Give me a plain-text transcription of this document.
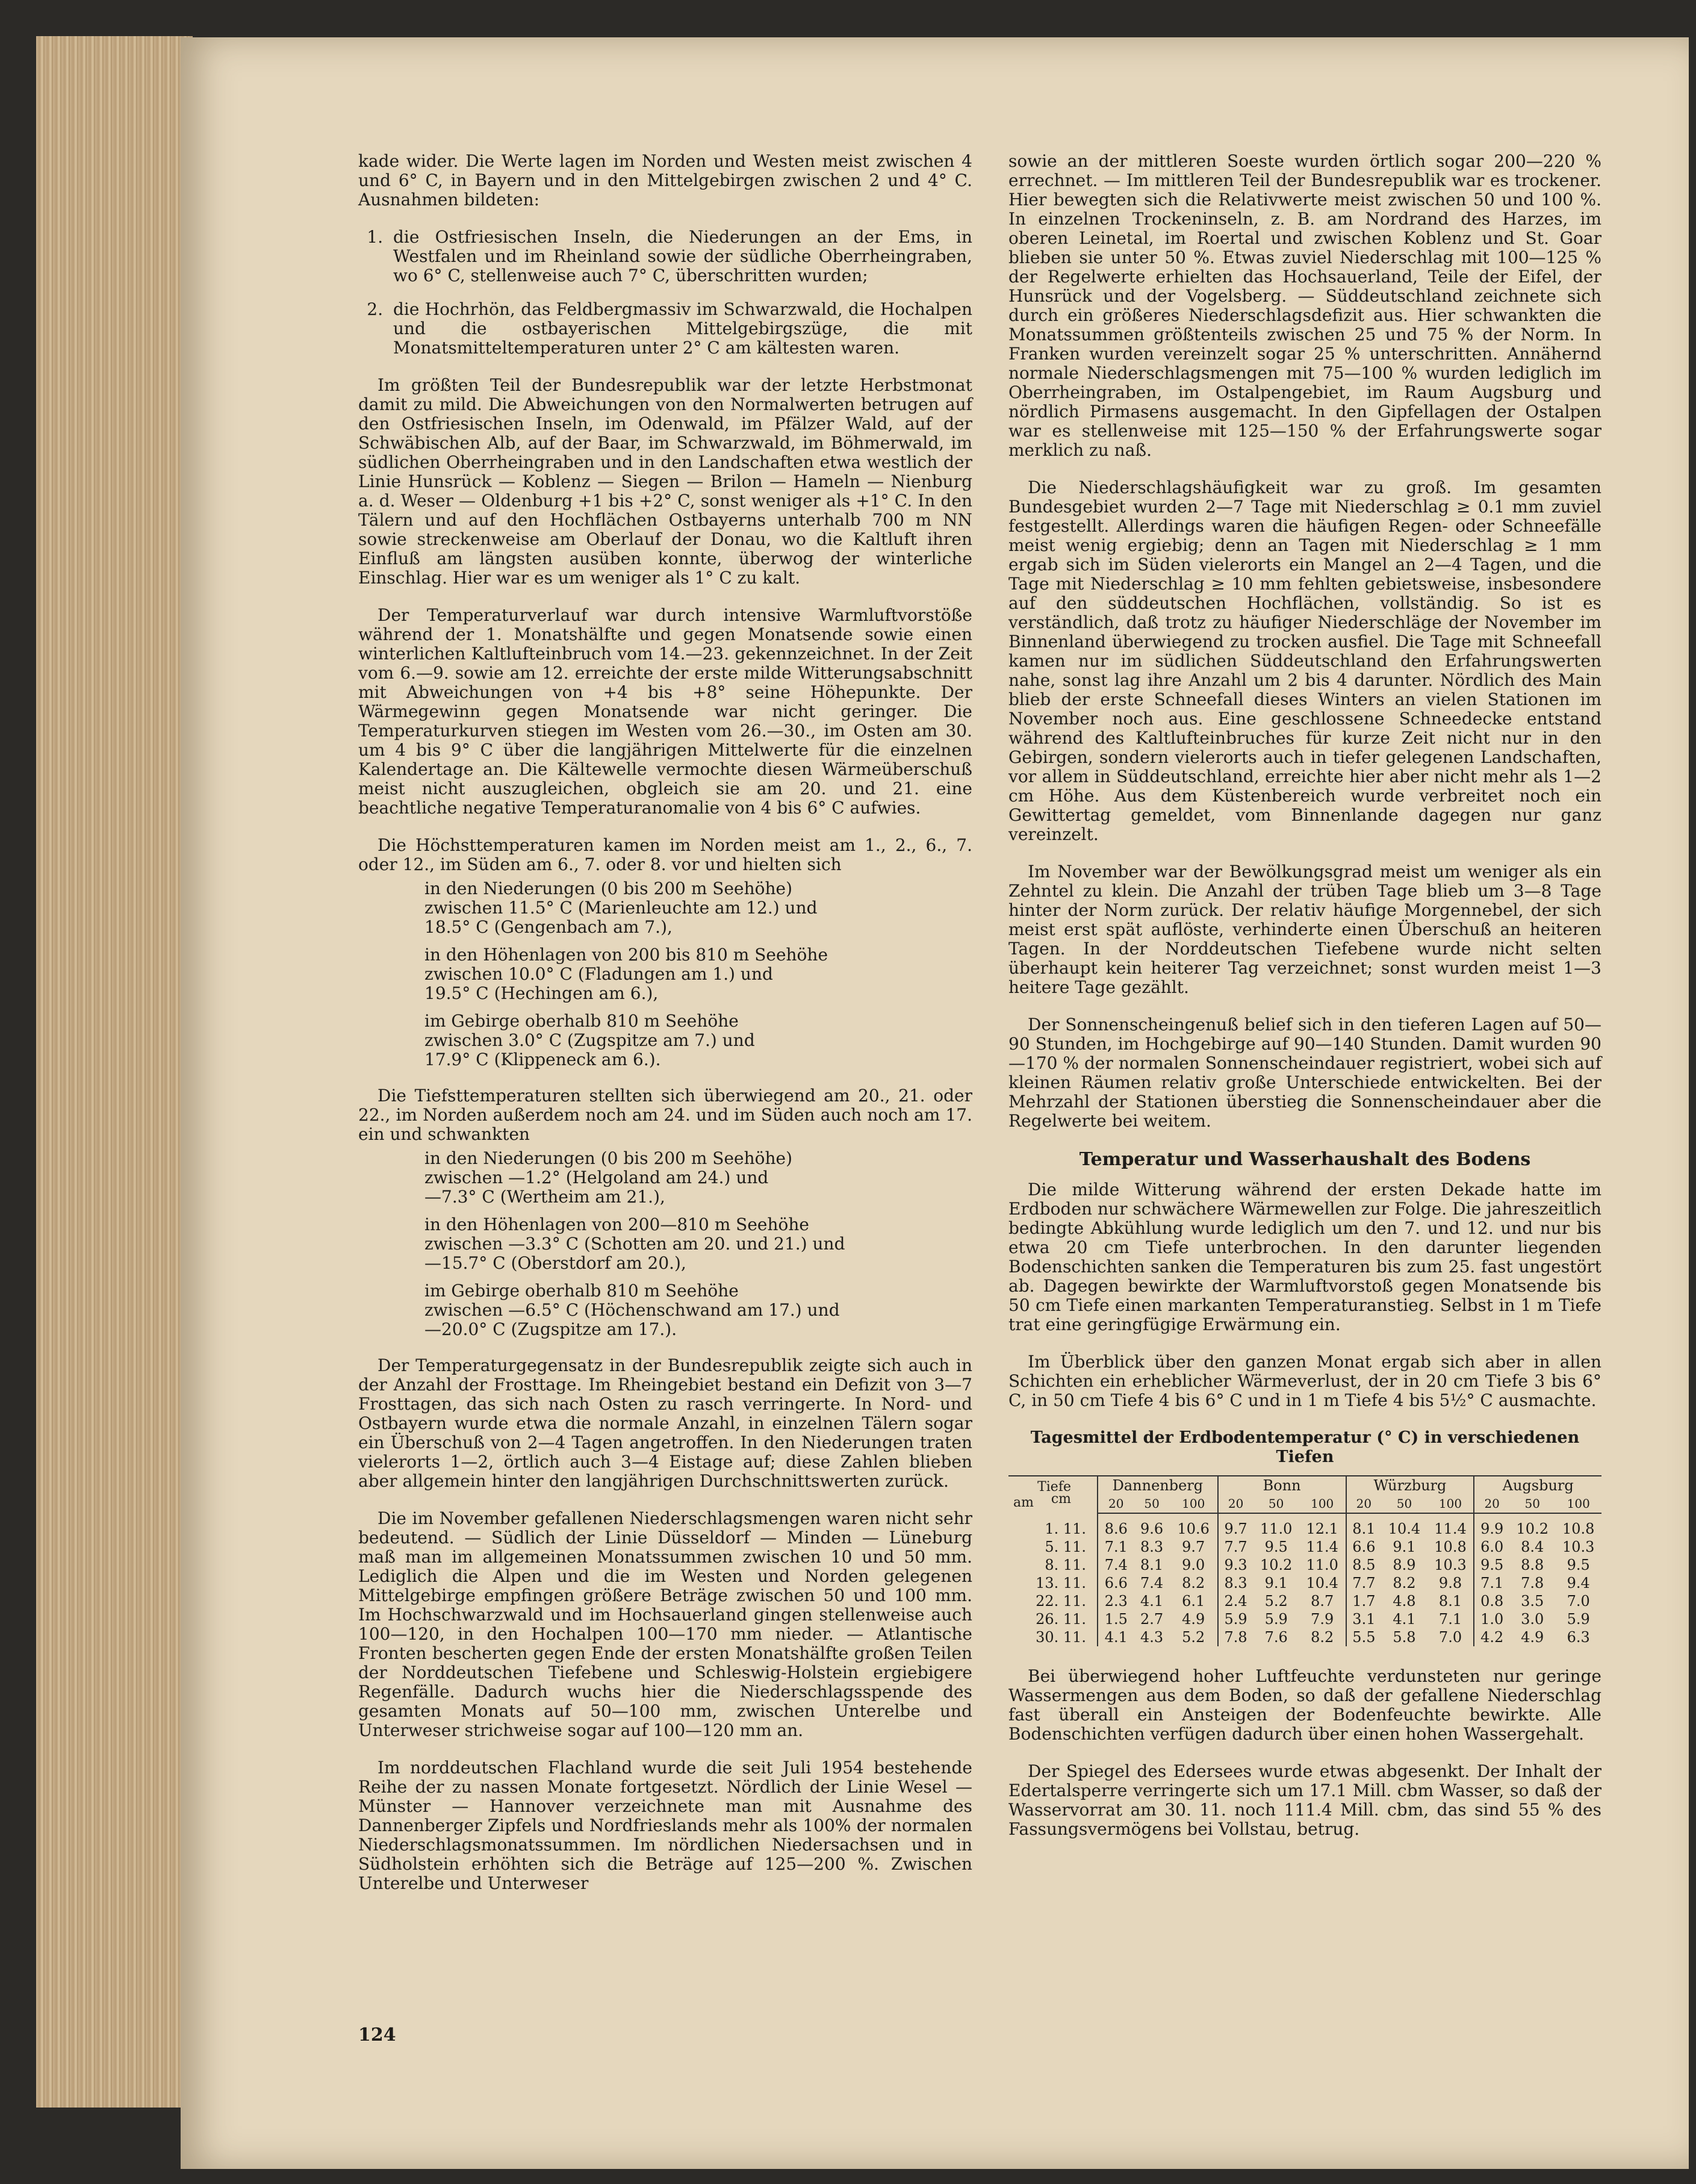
kade wider. Die Werte lagen im Norden und Westen meist zwischen 4 und 6° C, in Bayern und in den Mittelgebirgen zwischen 2 und 4° C. Ausnahmen bildeten:

1. die Ostfriesischen Inseln, die Niederungen an der Ems, in Westfalen und im Rheinland sowie der südliche Oberrheingraben, wo 6° C, stellenweise auch 7° C, überschritten wurden;
2. die Hochrhön, das Feldbergmassiv im Schwarzwald, die Hochalpen und die ostbayerischen Mittelgebirgszüge, die mit Monatsmitteltemperaturen unter 2° C am kältesten waren.

Im größten Teil der Bundesrepublik war der letzte Herbstmonat damit zu mild. Die Abweichungen von den Normalwerten betrugen auf den Ostfriesischen Inseln, im Odenwald, im Pfälzer Wald, auf der Schwäbischen Alb, auf der Baar, im Schwarzwald, im Böhmerwald, im südlichen Oberrheingraben und in den Landschaften etwa westlich der Linie Hunsrück — Koblenz — Siegen — Brilon — Hameln — Nienburg a. d. Weser — Oldenburg +1 bis +2° C, sonst weniger als +1° C. In den Tälern und auf den Hochflächen Ostbayerns unterhalb 700 m NN sowie streckenweise am Oberlauf der Donau, wo die Kaltluft ihren Einfluß am längsten ausüben konnte, überwog der winterliche Einschlag. Hier war es um weniger als 1° C zu kalt.

Der Temperaturverlauf war durch intensive Warmluftvorstöße während der 1. Monatshälfte und gegen Monatsende sowie einen winterlichen Kaltlufteinbruch vom 14.—23. gekennzeichnet. In der Zeit vom 6.—9. sowie am 12. erreichte der erste milde Witterungsabschnitt mit Abweichungen von +4 bis +8° seine Höhepunkte. Der Wärmegewinn gegen Monatsende war nicht geringer. Die Temperaturkurven stiegen im Westen vom 26.—30., im Osten am 30. um 4 bis 9° C über die langjährigen Mittelwerte für die einzelnen Kalendertage an. Die Kältewelle vermochte diesen Wärmeüberschuß meist nicht auszugleichen, obgleich sie am 20. und 21. eine beachtliche negative Temperaturanomalie von 4 bis 6° C aufwies.

Die Höchsttemperaturen kamen im Norden meist am 1., 2., 6., 7. oder 12., im Süden am 6., 7. oder 8. vor und hielten sich

in den Niederungen (0 bis 200 m Seehöhe)
zwischen 11.5° C (Marienleuchte am 12.) und
18.5° C (Gengenbach am 7.),
in den Höhenlagen von 200 bis 810 m Seehöhe
zwischen 10.0° C (Fladungen am 1.) und
19.5° C (Hechingen am 6.),
im Gebirge oberhalb 810 m Seehöhe
zwischen 3.0° C (Zugspitze am 7.) und
17.9° C (Klippeneck am 6.).

Die Tiefsttemperaturen stellten sich überwiegend am 20., 21. oder 22., im Norden außerdem noch am 24. und im Süden auch noch am 17. ein und schwankten

in den Niederungen (0 bis 200 m Seehöhe)
zwischen —1.2° (Helgoland am 24.) und
—7.3° C (Wertheim am 21.),
in den Höhenlagen von 200—810 m Seehöhe
zwischen —3.3° C (Schotten am 20. und 21.) und
—15.7° C (Oberstdorf am 20.),
im Gebirge oberhalb 810 m Seehöhe
zwischen —6.5° C (Höchenschwand am 17.) und
—20.0° C (Zugspitze am 17.).

Der Temperaturgegensatz in der Bundesrepublik zeigte sich auch in der Anzahl der Frosttage. Im Rheingebiet bestand ein Defizit von 3—7 Frosttagen, das sich nach Osten zu rasch verringerte. In Nord- und Ostbayern wurde etwa die normale Anzahl, in einzelnen Tälern sogar ein Überschuß von 2—4 Tagen angetroffen. In den Niederungen traten vielerorts 1—2, örtlich auch 3—4 Eistage auf; diese Zahlen blieben aber allgemein hinter den langjährigen Durchschnittswerten zurück.

Die im November gefallenen Niederschlagsmengen waren nicht sehr bedeutend. — Südlich der Linie Düsseldorf — Minden — Lüneburg maß man im allgemeinen Monatssummen zwischen 10 und 50 mm. Lediglich die Alpen und die im Westen und Norden gelegenen Mittelgebirge empfingen größere Beträge zwischen 50 und 100 mm. Im Hochschwarzwald und im Hochsauerland gingen stellenweise auch 100—120, in den Hochalpen 100—170 mm nieder. — Atlantische Fronten bescherten gegen Ende der ersten Monatshälfte großen Teilen der Norddeutschen Tiefebene und Schleswig-Holstein ergiebigere Regenfälle. Dadurch wuchs hier die Niederschlagsspende des gesamten Monats auf 50—100 mm, zwischen Unterelbe und Unterweser strichweise sogar auf 100—120 mm an.

Im norddeutschen Flachland wurde die seit Juli 1954 bestehende Reihe der zu nassen Monate fortgesetzt. Nördlich der Linie Wesel — Münster — Hannover verzeichnete man mit Ausnahme des Dannenberger Zipfels und Nordfrieslands mehr als 100% der normalen Niederschlagsmonatssummen. Im nördlichen Niedersachsen und in Südholstein erhöhten sich die Beträge auf 125—200 %. Zwischen Unterelbe und Unterweser

sowie an der mittleren Soeste wurden örtlich sogar 200—220 % errechnet. — Im mittleren Teil der Bundesrepublik war es trockener. Hier bewegten sich die Relativwerte meist zwischen 50 und 100 %. In einzelnen Trockeninseln, z. B. am Nordrand des Harzes, im oberen Leinetal, im Roertal und zwischen Koblenz und St. Goar blieben sie unter 50 %. Etwas zuviel Niederschlag mit 100—125 % der Regelwerte erhielten das Hochsauerland, Teile der Eifel, der Hunsrück und der Vogelsberg. — Süddeutschland zeichnete sich durch ein größeres Niederschlagsdefizit aus. Hier schwankten die Monatssummen größtenteils zwischen 25 und 75 % der Norm. In Franken wurden vereinzelt sogar 25 % unterschritten. Annähernd normale Niederschlagsmengen mit 75—100 % wurden lediglich im Oberrheingraben, im Ostalpengebiet, im Raum Augsburg und nördlich Pirmasens ausgemacht. In den Gipfellagen der Ostalpen war es stellenweise mit 125—150 % der Erfahrungswerte sogar merklich zu naß.

Die Niederschlagshäufigkeit war zu groß. Im gesamten Bundesgebiet wurden 2—7 Tage mit Niederschlag ≥ 0.1 mm zuviel festgestellt. Allerdings waren die häufigen Regen- oder Schneefälle meist wenig ergiebig; denn an Tagen mit Niederschlag ≥ 1 mm ergab sich im Süden vielerorts ein Mangel an 2—4 Tagen, und die Tage mit Niederschlag ≥ 10 mm fehlten gebietsweise, insbesondere auf den süddeutschen Hochflächen, vollständig. So ist es verständlich, daß trotz zu häufiger Niederschläge der November im Binnenland überwiegend zu trocken ausfiel. Die Tage mit Schneefall kamen nur im südlichen Süddeutschland den Erfahrungswerten nahe, sonst lag ihre Anzahl um 2 bis 4 darunter. Nördlich des Main blieb der erste Schneefall dieses Winters an vielen Stationen im November noch aus. Eine geschlossene Schneedecke entstand während des Kaltlufteinbruches für kurze Zeit nicht nur in den Gebirgen, sondern vielerorts auch in tiefer gelegenen Landschaften, vor allem in Süddeutschland, erreichte hier aber nicht mehr als 1—2 cm Höhe. Aus dem Küstenbereich wurde verbreitet noch ein Gewittertag gemeldet, vom Binnenlande dagegen nur ganz vereinzelt.

Im November war der Bewölkungsgrad meist um weniger als ein Zehntel zu klein. Die Anzahl der trüben Tage blieb um 3—8 Tage hinter der Norm zurück. Der relativ häufige Morgennebel, der sich meist erst spät auflöste, verhinderte einen Überschuß an heiteren Tagen. In der Norddeutschen Tiefebene wurde nicht selten überhaupt kein heiterer Tag verzeichnet; sonst wurden meist 1—3 heitere Tage gezählt.

Der Sonnenscheingenuß belief sich in den tieferen Lagen auf 50—90 Stunden, im Hochgebirge auf 90—140 Stunden. Damit wurden 90—170 % der normalen Sonnenscheindauer registriert, wobei sich auf kleinen Räumen relativ große Unterschiede entwickelten. Bei der Mehrzahl der Stationen überstieg die Sonnenscheindauer aber die Regelwerte bei weitem.

Temperatur und Wasserhaushalt des Bodens

Die milde Witterung während der ersten Dekade hatte im Erdboden nur schwächere Wärmewellen zur Folge. Die jahreszeitlich bedingte Abkühlung wurde lediglich um den 7. und 12. und nur bis etwa 20 cm Tiefe unterbrochen. In den darunter liegenden Bodenschichten sanken die Temperaturen bis zum 25. fast ungestört ab. Dagegen bewirkte der Warmluftvorstoß gegen Monatsende bis 50 cm Tiefe einen markanten Temperaturanstieg. Selbst in 1 m Tiefe trat eine geringfügige Erwärmung ein.

Im Überblick über den ganzen Monat ergab sich aber in allen Schichten ein erheblicher Wärmeverlust, der in 20 cm Tiefe 3 bis 6° C, in 50 cm Tiefe 4 bis 6° C und in 1 m Tiefe 4 bis 5½° C ausmachte.

Tagesmittel der Erdbodentemperatur (° C) in verschiedenen Tiefen
Tiefe
cm
am	Dannenberg			Bonn			Würzburg			Augsburg		
	20	50	100	20	50	100	20	50	100	20	50	100
1. 11.	8.6	9.6	10.6	9.7	11.0	12.1	8.1	10.4	11.4	9.9	10.2	10.8
5. 11.	7.1	8.3	9.7	7.7	9.5	11.4	6.6	9.1	10.8	6.0	8.4	10.3
8. 11.	7.4	8.1	9.0	9.3	10.2	11.0	8.5	8.9	10.3	9.5	8.8	9.5
13. 11.	6.6	7.4	8.2	8.3	9.1	10.4	7.7	8.2	9.8	7.1	7.8	9.4
22. 11.	2.3	4.1	6.1	2.4	5.2	8.7	1.7	4.8	8.1	0.8	3.5	7.0
26. 11.	1.5	2.7	4.9	5.9	5.9	7.9	3.1	4.1	7.1	1.0	3.0	5.9
30. 11.	4.1	4.3	5.2	7.8	7.6	8.2	5.5	5.8	7.0	4.2	4.9	6.3

Bei überwiegend hoher Luftfeuchte verdunsteten nur geringe Wassermengen aus dem Boden, so daß der gefallene Niederschlag fast überall ein Ansteigen der Bodenfeuchte bewirkte. Alle Bodenschichten verfügen dadurch über einen hohen Wassergehalt.

Der Spiegel des Edersees wurde etwas abgesenkt. Der Inhalt der Edertalsperre verringerte sich um 17.1 Mill. cbm Wasser, so daß der Wasservorrat am 30. 11. noch 111.4 Mill. cbm, das sind 55 % des Fassungsvermögens bei Vollstau, betrug.

124
